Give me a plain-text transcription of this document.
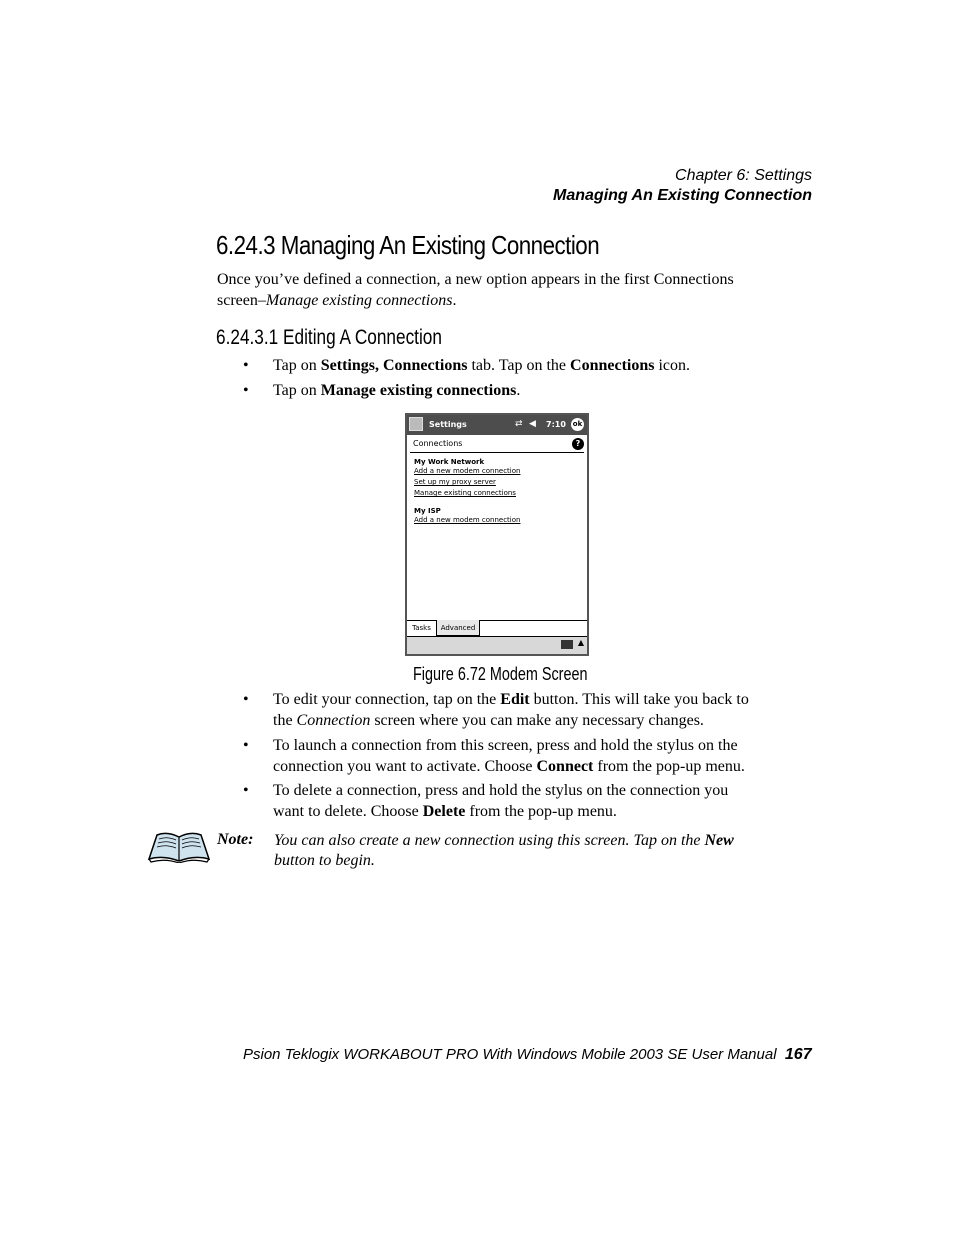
Chapter 6: Settings
Managing An Existing Connection
6.24.3 Managing An Existing Connection
Once you’ve defined a connection, a new option appears in the first Connections
screen–Manage existing connections.
6.24.3.1 Editing A Connection
• Tap on Settings, Connections tab. Tap on the Connections icon.
• Tap on Manage existing connections.
Settings	⇄ ◀ 7:10 ok
Connections	?
My Work Network
Add a new modem connection
Set up my proxy server
Manage existing connections
My ISP
Add a new modem connection
Tasks	Advanced
▲
Figure 6.72 Modem Screen
• To edit your connection, tap on the Edit button. This will take you back to
the Connection screen where you can make any necessary changes.
• To launch a connection from this screen, press and hold the stylus on the
connection you want to activate. Choose Connect from the pop-up menu.
• To delete a connection, press and hold the stylus on the connection you
want to delete. Choose Delete from the pop-up menu.
Note: You can also create a new connection using this screen. Tap on the New
button to begin.
Psion Teklogix WORKABOUT PRO With Windows Mobile 2003 SE User Manual 167
